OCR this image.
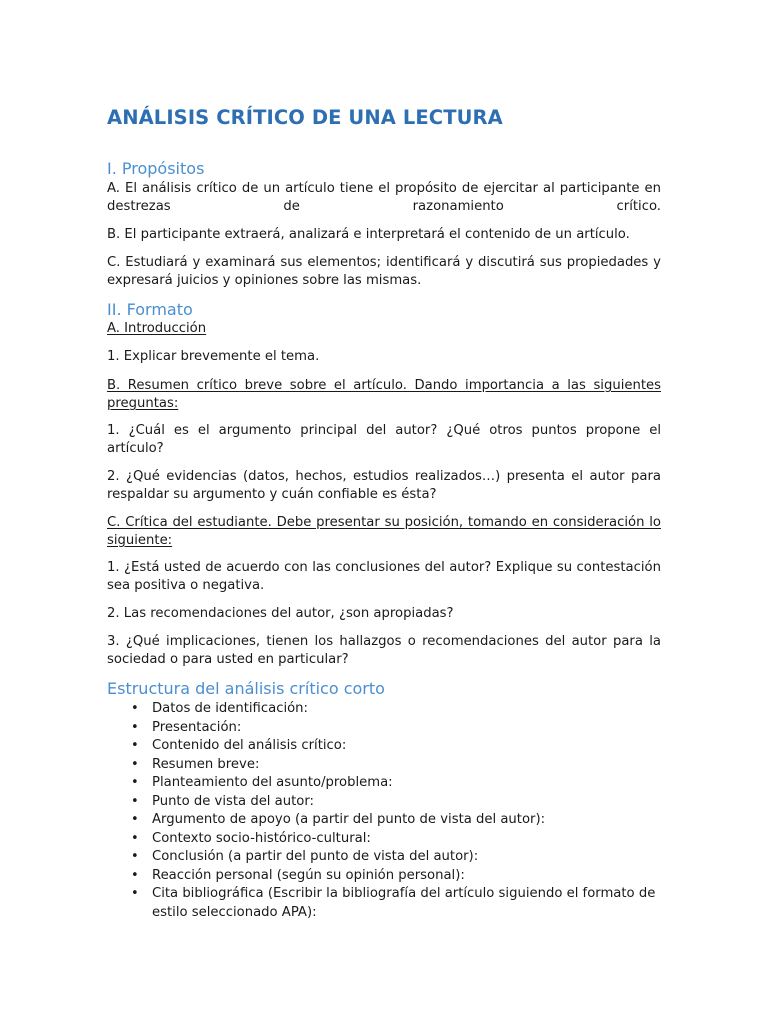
ANÁLISIS CRÍTICO DE UNA LECTURA
I. Propósitos

A. El análisis crítico de un artículo tiene el propósito de ejercitar al participante en destrezas de razonamiento crítico.

B. El participante extraerá, analizará e interpretará el contenido de un artículo.

C. Estudiará y examinará sus elementos; identificará y discutirá sus propiedades y expresará juicios y opiniones sobre las mismas.

II. Formato

A. Introducción

1. Explicar brevemente el tema.

B. Resumen crítico breve sobre el artículo. Dando importancia a las siguientes preguntas:

1. ¿Cuál es el argumento principal del autor? ¿Qué otros puntos propone el artículo?

2. ¿Qué evidencias (datos, hechos, estudios realizados…) presenta el autor para respaldar su argumento y cuán confiable es ésta?

C. Crítica del estudiante. Debe presentar su posición, tomando en consideración lo siguiente:

1. ¿Está usted de acuerdo con las conclusiones del autor? Explique su contestación sea positiva o negativa.

2. Las recomendaciones del autor, ¿son apropiadas?

3. ¿Qué implicaciones, tienen los hallazgos o recomendaciones del autor para la sociedad o para usted en particular?

Estructura del análisis crítico corto
• Datos de identificación:
• Presentación:
• Contenido del análisis crítico:
• Resumen breve:
• Planteamiento del asunto/problema:
• Punto de vista del autor:
• Argumento de apoyo (a partir del punto de vista del autor):
• Contexto socio-histórico-cultural:
• Conclusión (a partir del punto de vista del autor):
• Reacción personal (según su opinión personal):
• Cita bibliográfica (Escribir la bibliografía del artículo siguiendo el formato de estilo seleccionado APA):
